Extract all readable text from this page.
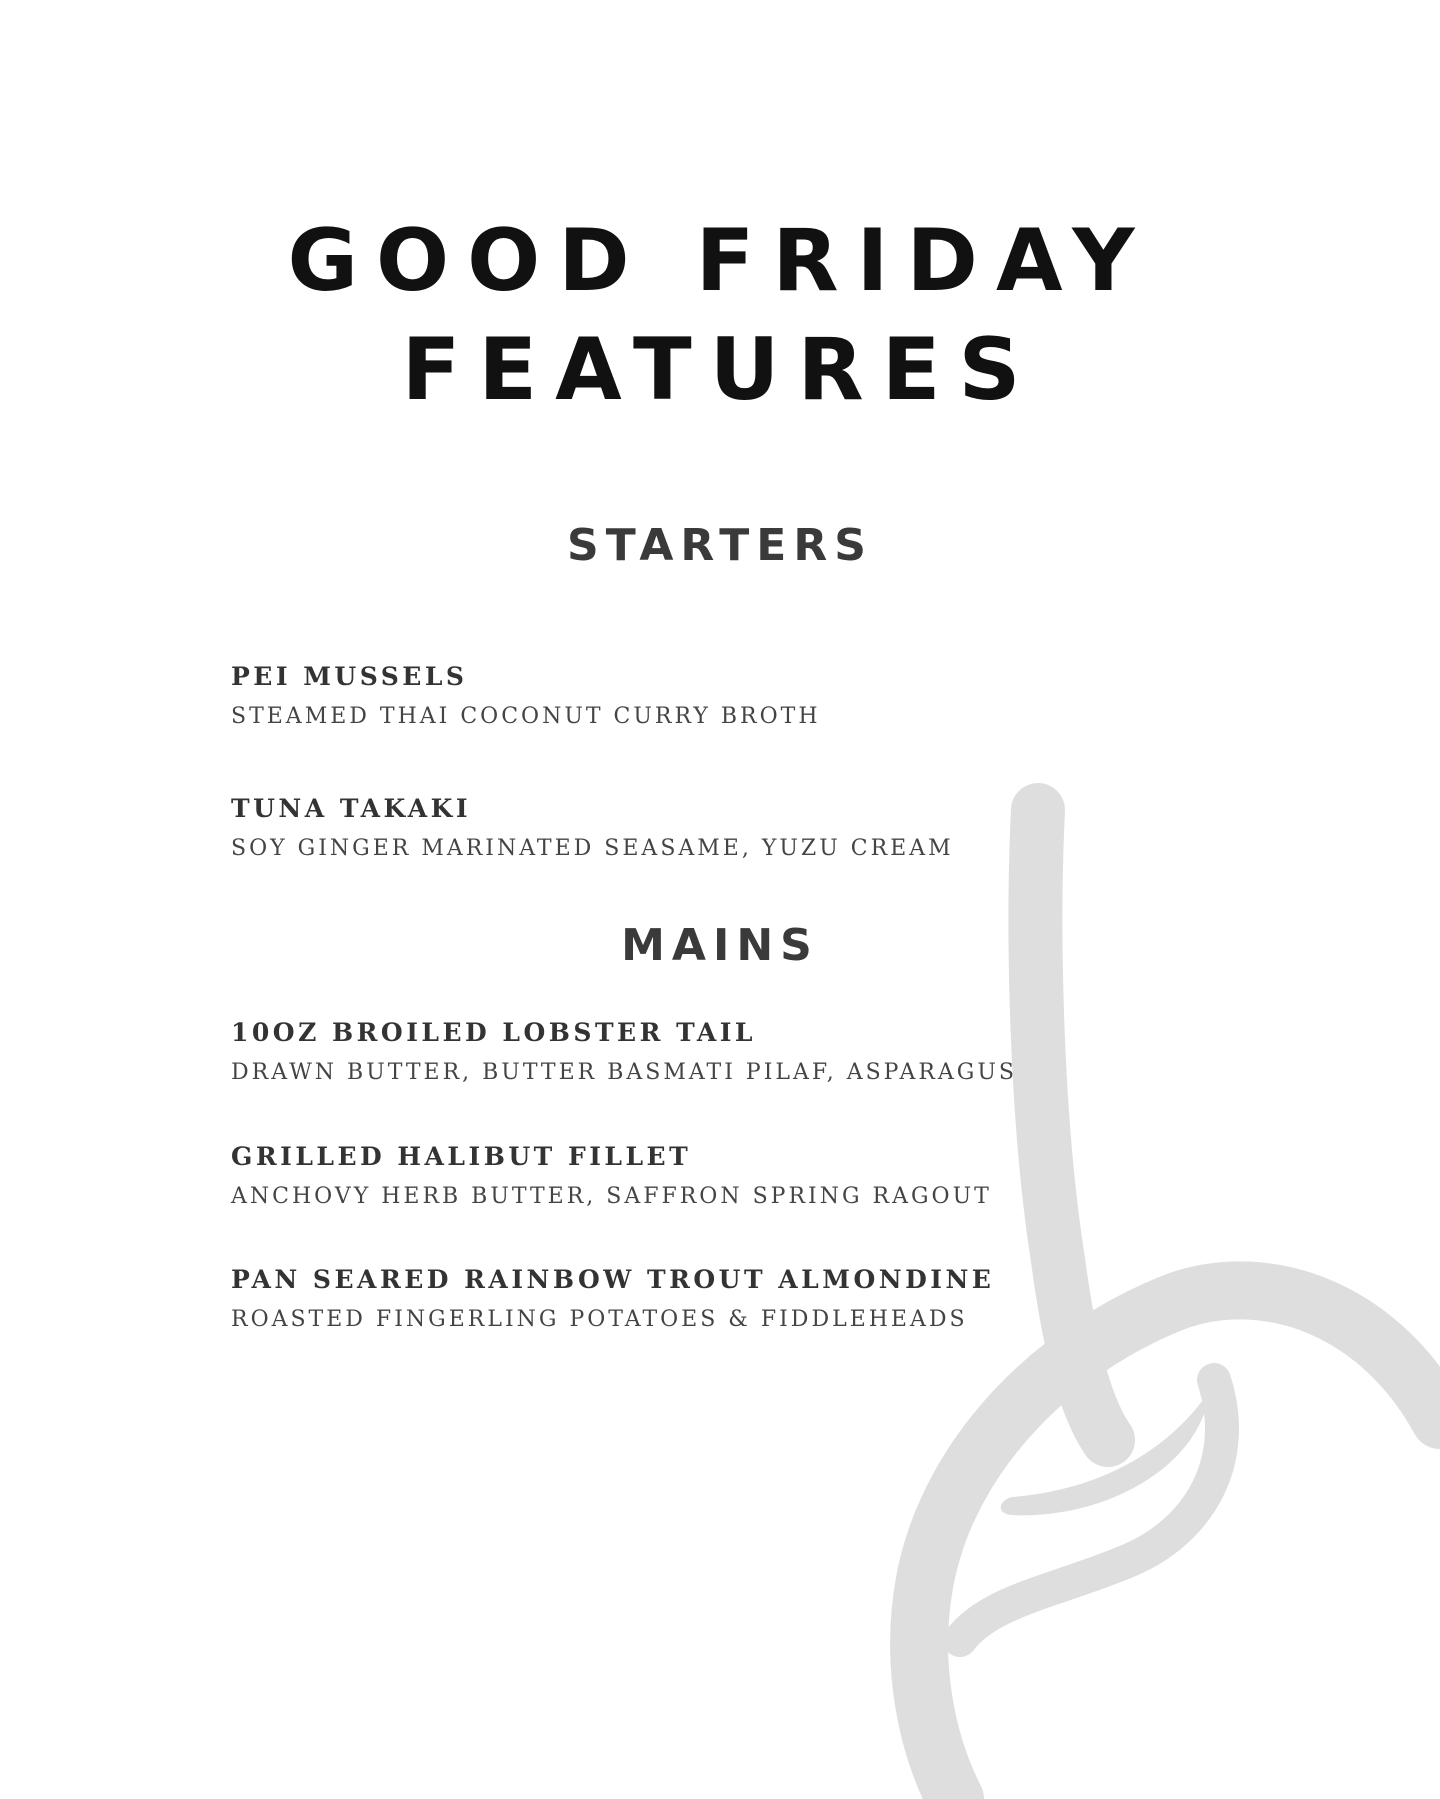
GOOD FRIDAY
FEATURES
STARTERS
PEI MUSSELS
STEAMED THAI COCONUT CURRY BROTH
TUNA TAKAKI
SOY GINGER MARINATED SEASAME, YUZU CREAM
MAINS
10OZ BROILED LOBSTER TAIL
DRAWN BUTTER, BUTTER BASMATI PILAF, ASPARAGUS
GRILLED HALIBUT FILLET
ANCHOVY HERB BUTTER, SAFFRON SPRING RAGOUT
PAN SEARED RAINBOW TROUT ALMONDINE
ROASTED FINGERLING POTATOES & FIDDLEHEADS
